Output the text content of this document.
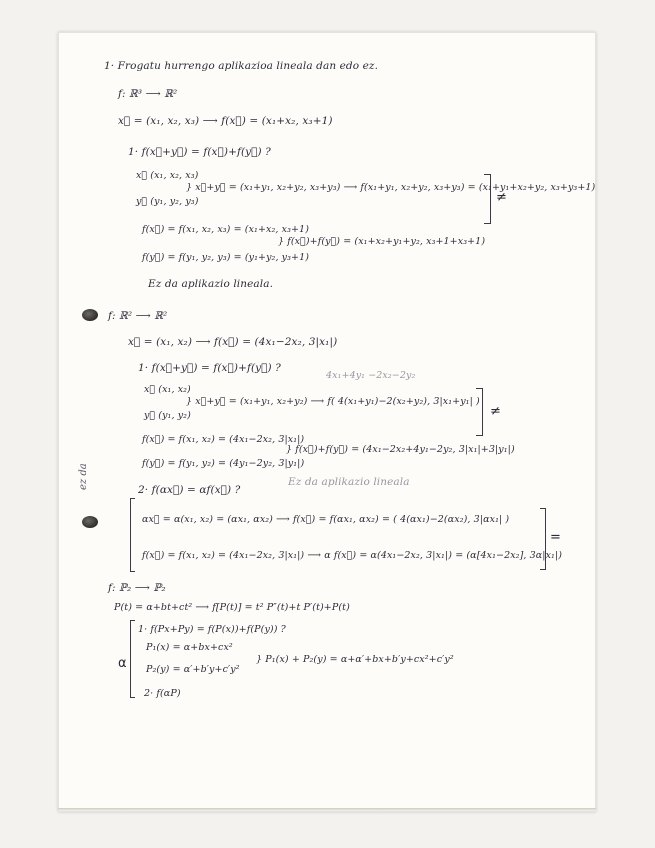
ez da
1· Frogatu hurrengo aplikazioa lineala dan edo ez.
f: ℝ³ ⟶ ℝ²
x⃗ = (x₁, x₂, x₃) ⟶ f(x⃗) = (x₁+x₂, x₃+1)
1· f(x⃗+y⃗) = f(x⃗)+f(y⃗) ?
x⃗ (x₁, x₂, x₃)
} x⃗+y⃗ = (x₁+y₁, x₂+y₂, x₃+y₃) ⟶ f(x₁+y₁, x₂+y₂, x₃+y₃) = (x₁+y₁+x₂+y₂, x₃+y₃+1)
y⃗ (y₁, y₂, y₃)
f(x⃗) = f(x₁, x₂, x₃) = (x₁+x₂, x₃+1)
} f(x⃗)+f(y⃗) = (x₁+x₂+y₁+y₂, x₃+1+x₃+1)
f(y⃗) = f(y₁, y₂, y₃) = (y₁+y₂, y₃+1)
≠
Ez da aplikazio lineala.
f: ℝ² ⟶ ℝ²
x⃗ = (x₁, x₂) ⟶ f(x⃗) = (4x₁−2x₂, 3|x₁|)
1· f(x⃗+y⃗) = f(x⃗)+f(y⃗) ?
4x₁+4y₁ −2x₂−2y₂
x⃗ (x₁, x₂)
} x⃗+y⃗ = (x₁+y₁, x₂+y₂) ⟶ f( 4(x₁+y₁)−2(x₂+y₂), 3|x₁+y₁| )
y⃗ (y₁, y₂)
f(x⃗) = f(x₁, x₂) = (4x₁−2x₂, 3|x₁|)
} f(x⃗)+f(y⃗) = (4x₁−2x₂+4y₁−2y₂, 3|x₁|+3|y₁|)
f(y⃗) = f(y₁, y₂) = (4y₁−2y₂, 3|y₁|)
≠
Ez da aplikazio lineala
2· f(αx⃗) = αf(x⃗) ?
αx⃗ = α(x₁, x₂) = (αx₁, αx₂) ⟶ f(x⃗) = f(αx₁, αx₂) = ( 4(αx₁)−2(αx₂), 3|αx₁| )
f(x⃗) = f(x₁, x₂) = (4x₁−2x₂, 3|x₁|) ⟶ α f(x⃗) = α(4x₁−2x₂, 3|x₁|) = (α[4x₁−2x₂], 3α|x₁|)
=
f: ℙ₂ ⟶ ℙ₂
P(t) = α+bt+ct² ⟶ f[P(t)] = t² P″(t)+t P′(t)+P(t)
1· f(Px+Py) = f(P(x))+f(P(y)) ?
α
P₁(x) = α+bx+cx²
} P₁(x) + P₂(y) = α+α′+bx+b′y+cx²+c′y²
P₂(y) = α′+b′y+c′y²
2· f(αP)
